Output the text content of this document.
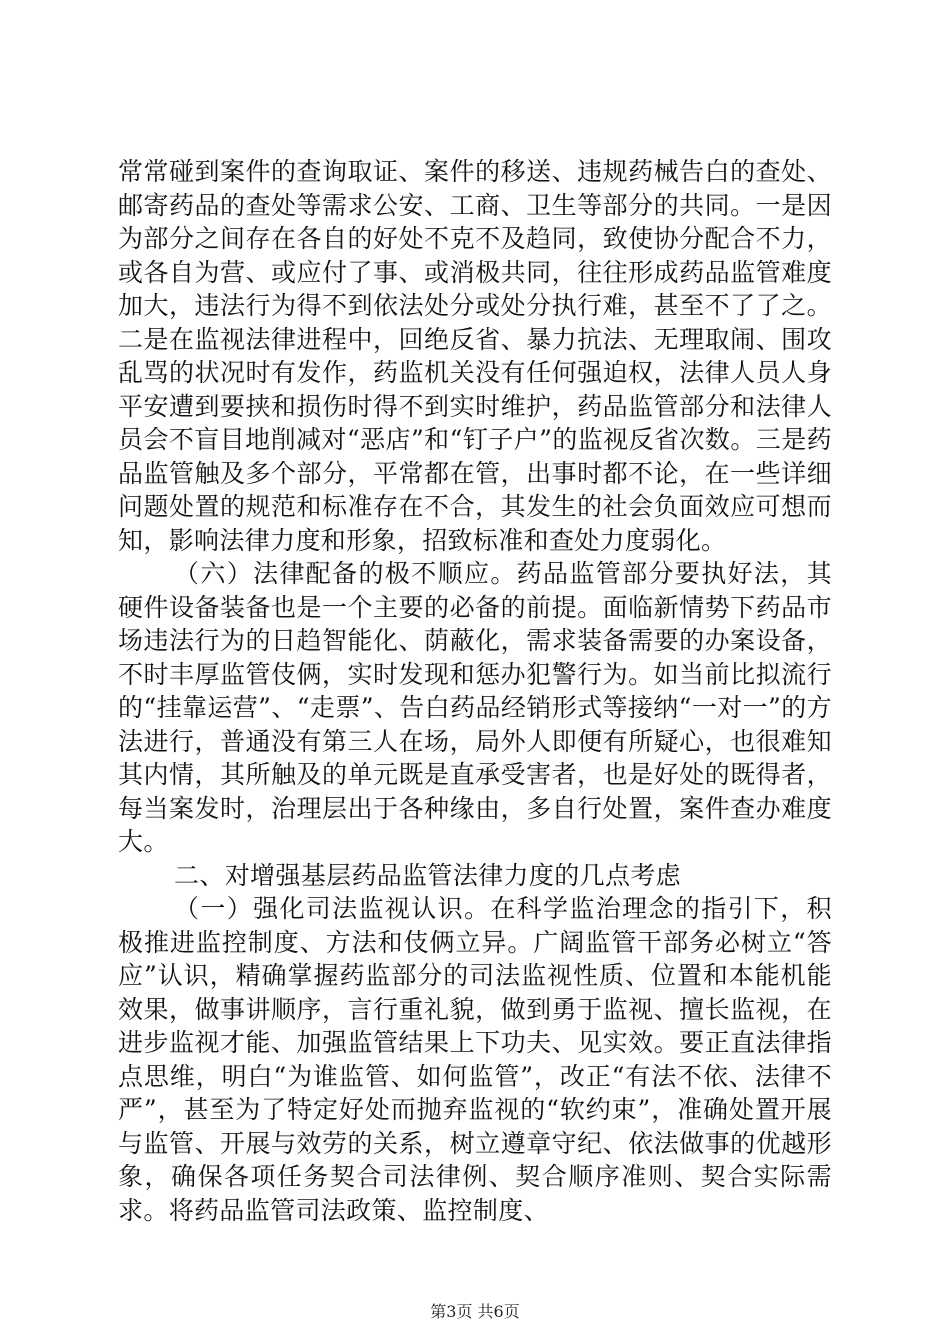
常常碰到案件的查询取证、案件的移送、违规药械告白的查处、邮寄药品的查处等需求公安、工商、卫生等部分的共同。一是因为部分之间存在各自的好处不克不及趋同，致使协分配合不力，或各自为营、或应付了事、或消极共同，往往形成药品监管难度加大，违法行为得不到依法处分或处分执行难，甚至不了了之。二是在监视法律进程中，回绝反省、暴力抗法、无理取闹、围攻乱骂的状况时有发作，药监机关没有任何强迫权，法律人员人身平安遭到要挟和损伤时得不到实时维护，药品监管部分和法律人员会不盲目地削减对“恶店”和“钉子户”的监视反省次数。三是药品监管触及多个部分，平常都在管，出事时都不论，在一些详细问题处置的规范和标准存在不合，其发生的社会负面效应可想而知，影响法律力度和形象，招致标准和查处力度弱化。

（六）法律配备的极不顺应。药品监管部分要执好法，其硬件设备装备也是一个主要的必备的前提。面临新情势下药品市场违法行为的日趋智能化、荫蔽化，需求装备需要的办案设备，不时丰厚监管伎俩，实时发现和惩办犯警行为。如当前比拟流行的“挂靠运营”、“走票”、告白药品经销形式等接纳“一对一”的方法进行，普通没有第三人在场，局外人即便有所疑心，也很难知其内情，其所触及的单元既是直承受害者，也是好处的既得者，每当案发时，治理层出于各种缘由，多自行处置，案件查办难度大。

二、对增强基层药品监管法律力度的几点考虑

（一）强化司法监视认识。在科学监治理念的指引下，积极推进监控制度、方法和伎俩立异。广阔监管干部务必树立“答应”认识，精确掌握药监部分的司法监视性质、位置和本能机能效果，做事讲顺序，言行重礼貌，做到勇于监视、擅长监视，在进步监视才能、加强监管结果上下功夫、见实效。要正直法律指点思维，明白“为谁监管、如何监管”，改正“有法不依、法律不严”，甚至为了特定好处而抛弃监视的“软约束”，准确处置开展与监管、开展与效劳的关系，树立遵章守纪、依法做事的优越形象，确保各项任务契合司法律例、契合顺序准则、契合实际需求。将药品监管司法政策、监控制度、

第3页 共6页
